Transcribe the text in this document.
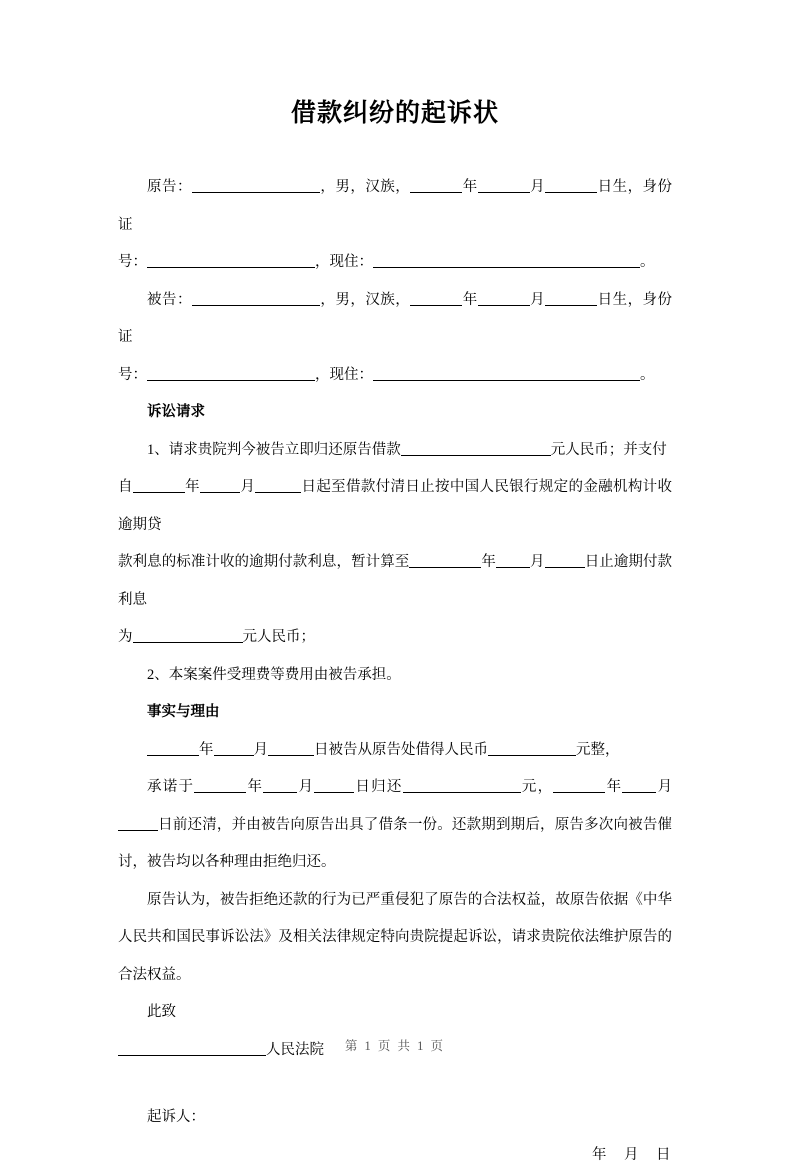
借款纠纷的起诉状

原告：	，男，汉族，	年	月	日生，身份证

号：	，现住：	。

被告：	，男，汉族，	年	月	日生，身份证

号：	，现住：	。

诉讼请求

1、请求贵院判今被告立即归还原告借款	元人民币；并支付

自	年	月	日起至借款付清日止按中国人民银行规定的金融机构计收逾期贷

款利息的标准计收的逾期付款利息，暂计算至	年 月	日止逾期付款利息

为	元人民币；

2、本案案件受理费等费用由被告承担。

事实与理由

年	月	日被告从原告处借得人民币	元整，

承诺于	年 月	日归还	元，	年 月日前还清，并由被告向原告出具了借条一份。还款期到期后，原告多次向被告催讨，被告均以各种理由拒绝归还。

原告认为，被告拒绝还款的行为已严重侵犯了原告的合法权益，故原告依据《中华人民共和国民事诉讼法》及相关法律规定特向贵院提起诉讼，请求贵院依法维护原告的合法权益。

此致

人民法院

起诉人：

年 月 日

第 1 页 共 1 页
